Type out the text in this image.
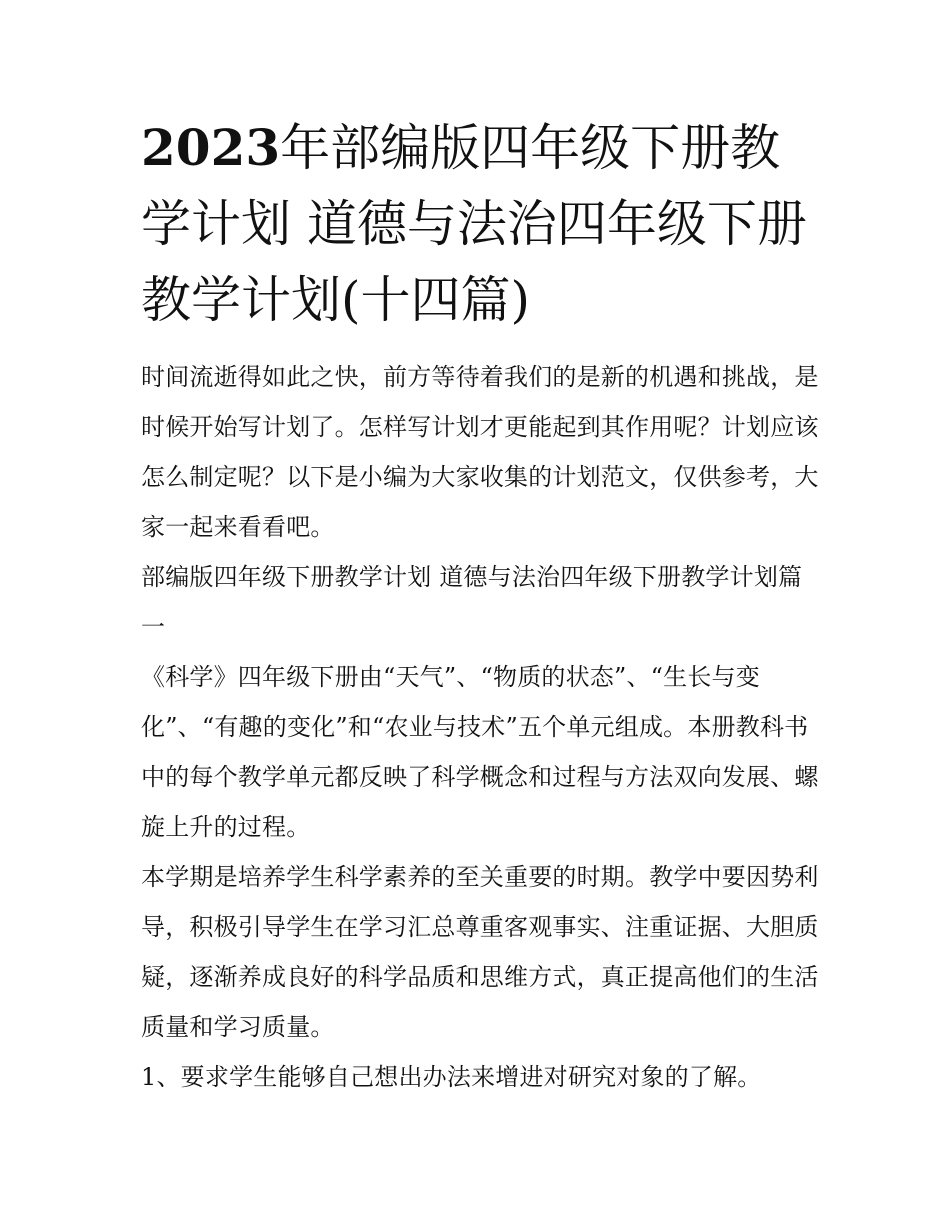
2023年部编版四年级下册教学计划 道德与法治四年级下册教学计划(十四篇)

时间流逝得如此之快，前方等待着我们的是新的机遇和挑战，是时候开始写计划了。怎样写计划才更能起到其作用呢？计划应该怎么制定呢？以下是小编为大家收集的计划范文，仅供参考，大家一起来看看吧。

部编版四年级下册教学计划 道德与法治四年级下册教学计划篇一

《科学》四年级下册由“天气”、“物质的状态”、“生长与变化”、“有趣的变化”和“农业与技术”五个单元组成。本册教科书中的每个教学单元都反映了科学概念和过程与方法双向发展、螺旋上升的过程。

本学期是培养学生科学素养的至关重要的时期。教学中要因势利导，积极引导学生在学习汇总尊重客观事实、注重证据、大胆质疑，逐渐养成良好的科学品质和思维方式，真正提高他们的生活质量和学习质量。

1、要求学生能够自己想出办法来增进对研究对象的了解。
